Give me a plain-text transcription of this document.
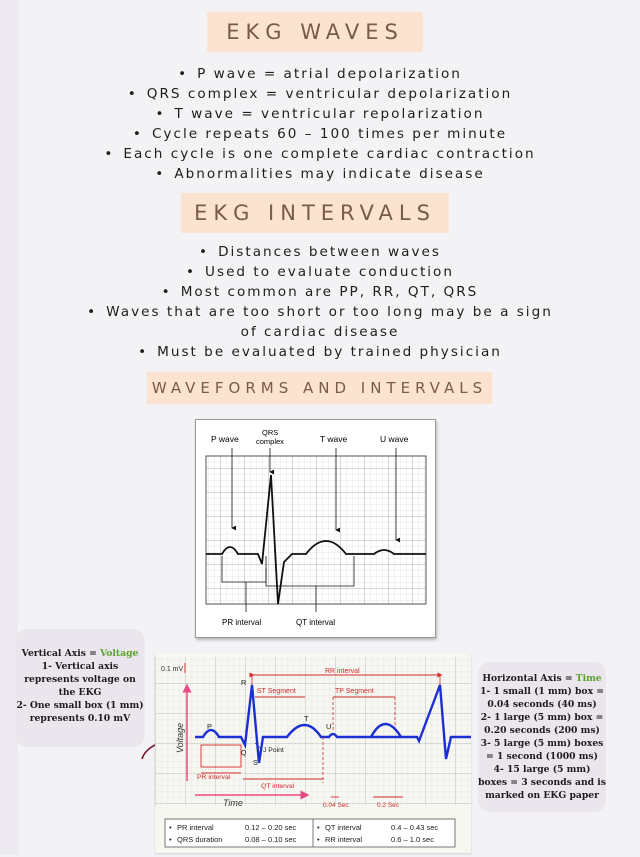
EKG WAVES
• P wave = atrial depolarization
• QRS complex = ventricular depolarization
• T wave = ventricular repolarization
• Cycle repeats 60 – 100 times per minute
• Each cycle is one complete cardiac contraction
• Abnormalities may indicate disease
EKG INTERVALS
• Distances between waves
• Used to evaluate conduction
• Most common are PP, RR, QT, QRS
• Waves that are too short or too long may be a sign of cardiac disease
• Must be evaluated by trained physician
WAVEFORMS AND INTERVALS
P wave
QRS
complex	T wave	U wave
PR interval	QT interval

Vertical Axis = Voltage

1- Vertical axis represents voltage on the EKG

2- One small box (1 mm) represents 0.10 mV

0.1 mV
Voltage
Time
RR interval
ST Segment	TP Segment
R
P
Q
S
T
U
J Point
PR interval
QT interval
0.04 Sec	0.2 Sec
• PR interval	0.12 – 0.20 sec	• QT interval	0.4 – 0.43 sec
• QRS duration	0.08 – 0.10 sec	• RR interval	0.6 – 1.0 sec

Horizontal Axis = Time

1- 1 small (1 mm) box = 0.04 seconds (40 ms)

2- 1 large (5 mm) box = 0.20 seconds (200 ms)

3- 5 large (5 mm) boxes = 1 second (1000 ms)

4- 15 large (5 mm) boxes = 3 seconds and is marked on EKG paper
